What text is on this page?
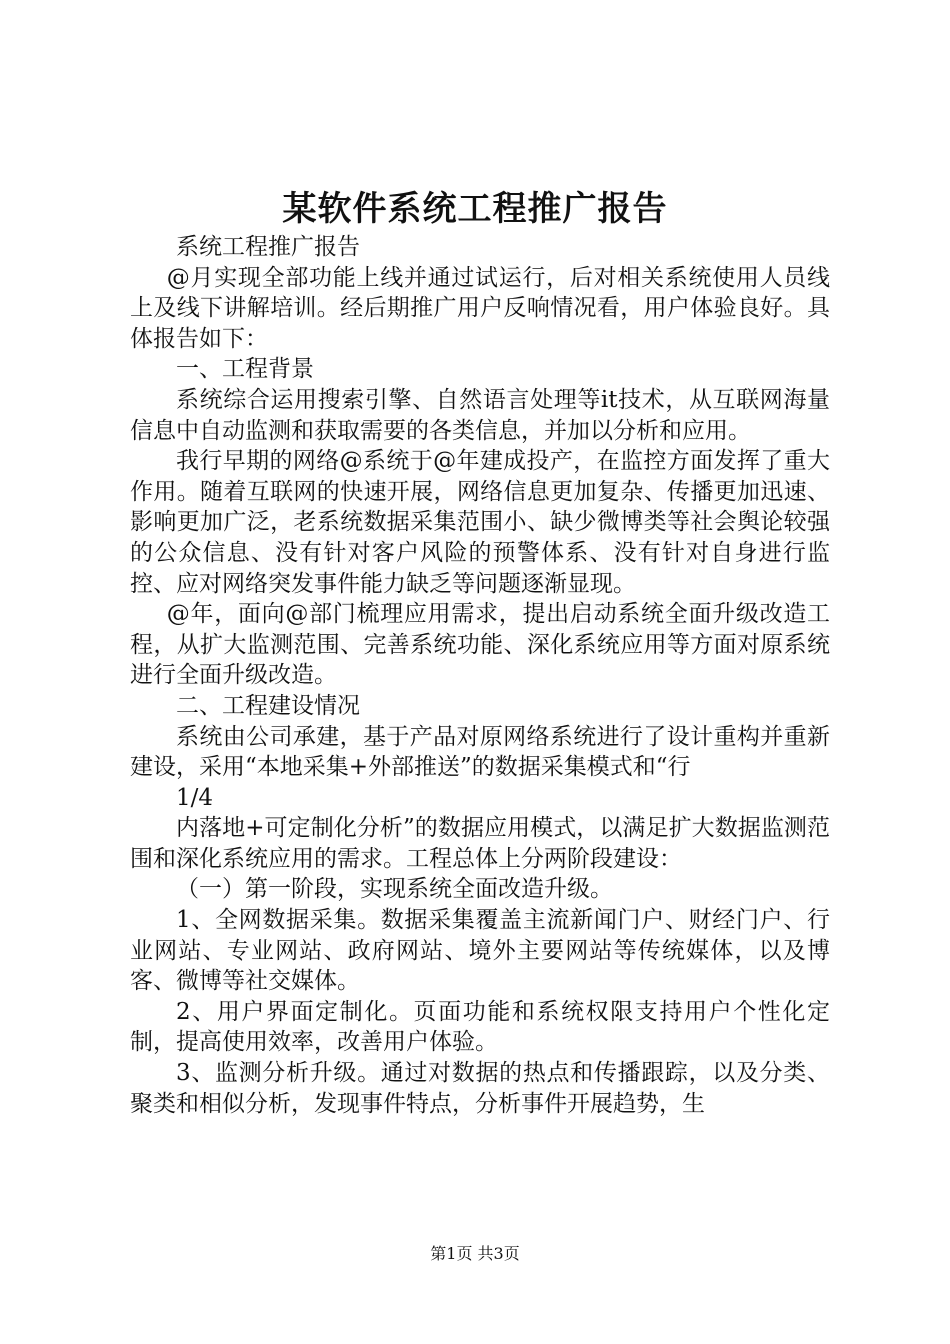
某软件系统工程推广报告

系统工程推广报告

@月实现全部功能上线并通过试运行，后对相关系统使用人员线上及线下讲解培训。经后期推广用户反响情况看，用户体验良好。具体报告如下：

一、工程背景

系统综合运用搜索引擎、自然语言处理等it技术，从互联网海量信息中自动监测和获取需要的各类信息，并加以分析和应用。

我行早期的网络@系统于@年建成投产，在监控方面发挥了重大作用。随着互联网的快速开展，网络信息更加复杂、传播更加迅速、影响更加广泛，老系统数据采集范围小、缺少微博类等社会舆论较强的公众信息、没有针对客户风险的预警体系、没有针对自身进行监控、应对网络突发事件能力缺乏等问题逐渐显现。

@年，面向@部门梳理应用需求，提出启动系统全面升级改造工程，从扩大监测范围、完善系统功能、深化系统应用等方面对原系统进行全面升级改造。

二、工程建设情况

系统由公司承建，基于产品对原网络系统进行了设计重构并重新建设，采用“本地采集+外部推送”的数据采集模式和“行

1/4

内落地+可定制化分析”的数据应用模式，以满足扩大数据监测范围和深化系统应用的需求。工程总体上分两阶段建设：

（一）第一阶段，实现系统全面改造升级。

1、全网数据采集。数据采集覆盖主流新闻门户、财经门户、行业网站、专业网站、政府网站、境外主要网站等传统媒体，以及博客、微博等社交媒体。

2、用户界面定制化。页面功能和系统权限支持用户个性化定制，提高使用效率，改善用户体验。

3、监测分析升级。通过对数据的热点和传播跟踪，以及分类、聚类和相似分析，发现事件特点，分析事件开展趋势，生

第1页 共3页
